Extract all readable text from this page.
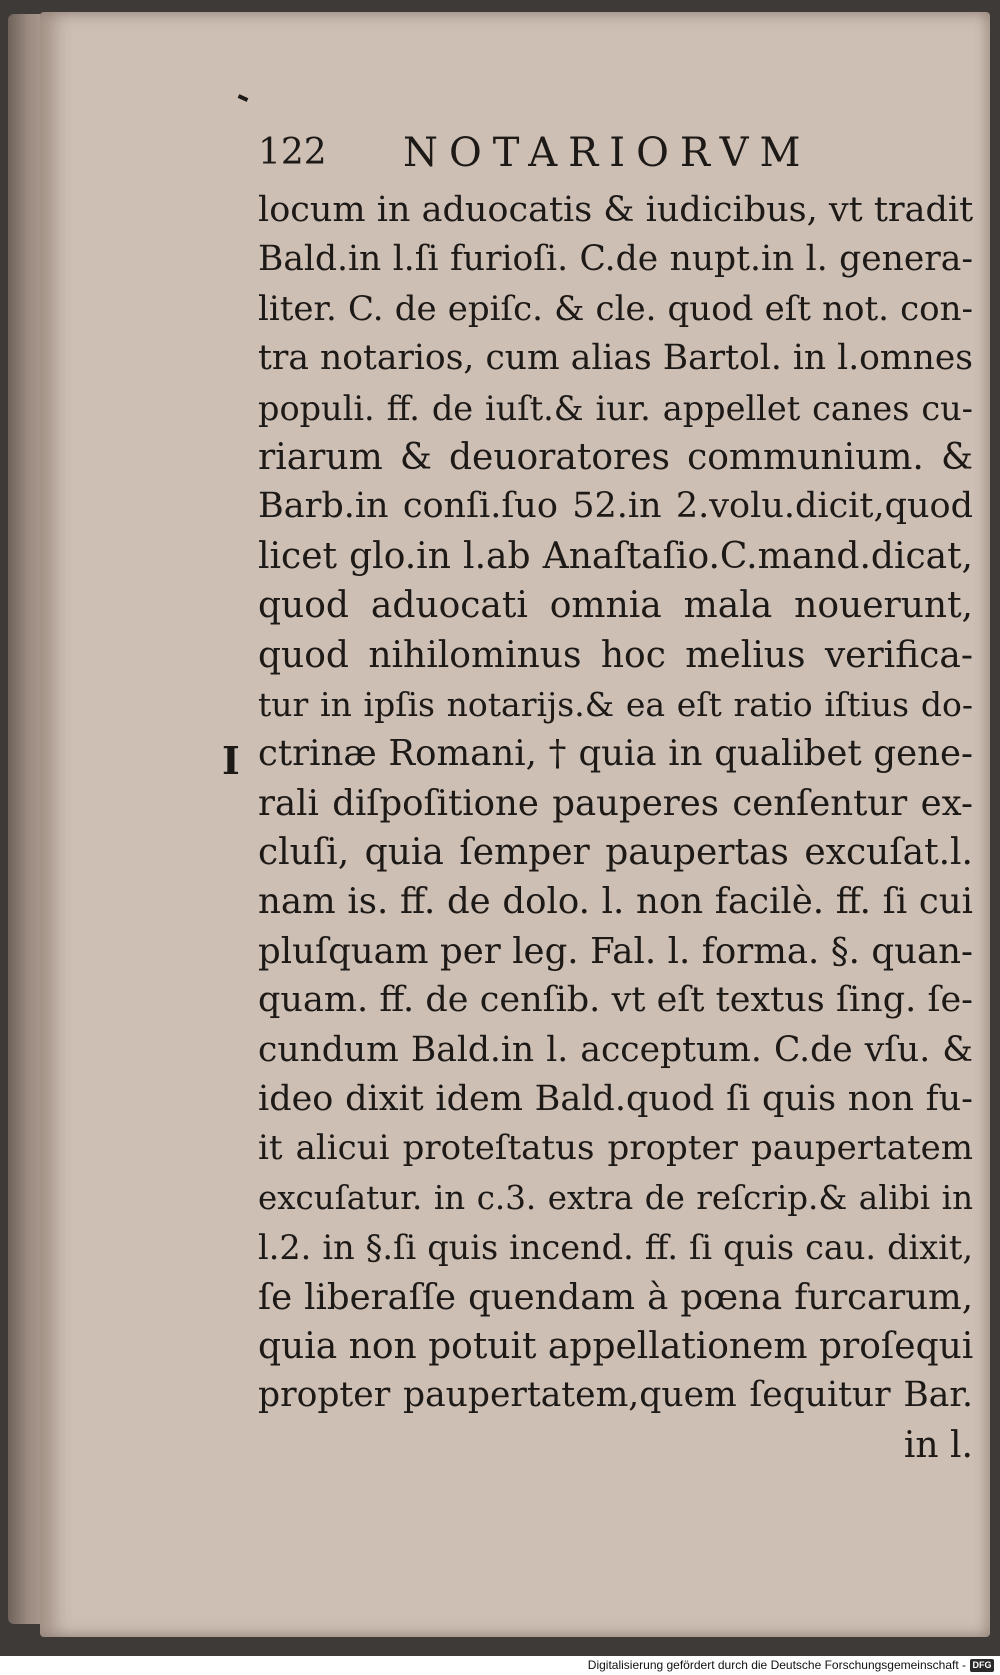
122 NOTARIORVM
I
locum in aduocatis & iudicibus, vt tradit
Bald.in l.ſi furioſi. C.de nupt.in l. genera-
liter. C. de epiſc. & cle. quod eſt not. con-
tra notarios, cum alias Bartol. in l.omnes
populi. ff. de iuſt.& iur. appellet canes cu-
riarum & deuoratores communium. &
Barb.in conſi.ſuo 52.in 2.volu.dicit,quod
licet glo.in l.ab Anaſtaſio.C.mand.dicat,
quod aduocati omnia mala nouerunt,
quod nihilominus hoc melius verifica-
tur in ipſis notarijs.& ea eſt ratio iſtius do-
ctrinæ Romani, † quia in qualibet gene-
rali diſpoſitione pauperes cenſentur ex-
cluſi, quia ſemper paupertas excuſat.l.
nam is. ff. de dolo. l. non facilè. ff. ſi cui
pluſquam per leg. Fal. l. forma. §. quan-
quam. ff. de cenſib. vt eſt textus ſing. ſe-
cundum Bald.in l. acceptum. C.de vſu. &
ideo dixit idem Bald.quod ſi quis non fu-
it alicui proteſtatus propter paupertatem
excuſatur. in c.3. extra de reſcrip.& alibi in
l.2. in §.ſi quis incend. ff. ſi quis cau. dixit,
ſe liberaſſe quendam à pœna furcarum,
quia non potuit appellationem proſequi
propter paupertatem,quem ſequitur Bar.
in l.
Digitalisierung gefördert durch die Deutsche Forschungsgemeinschaft - DFG
